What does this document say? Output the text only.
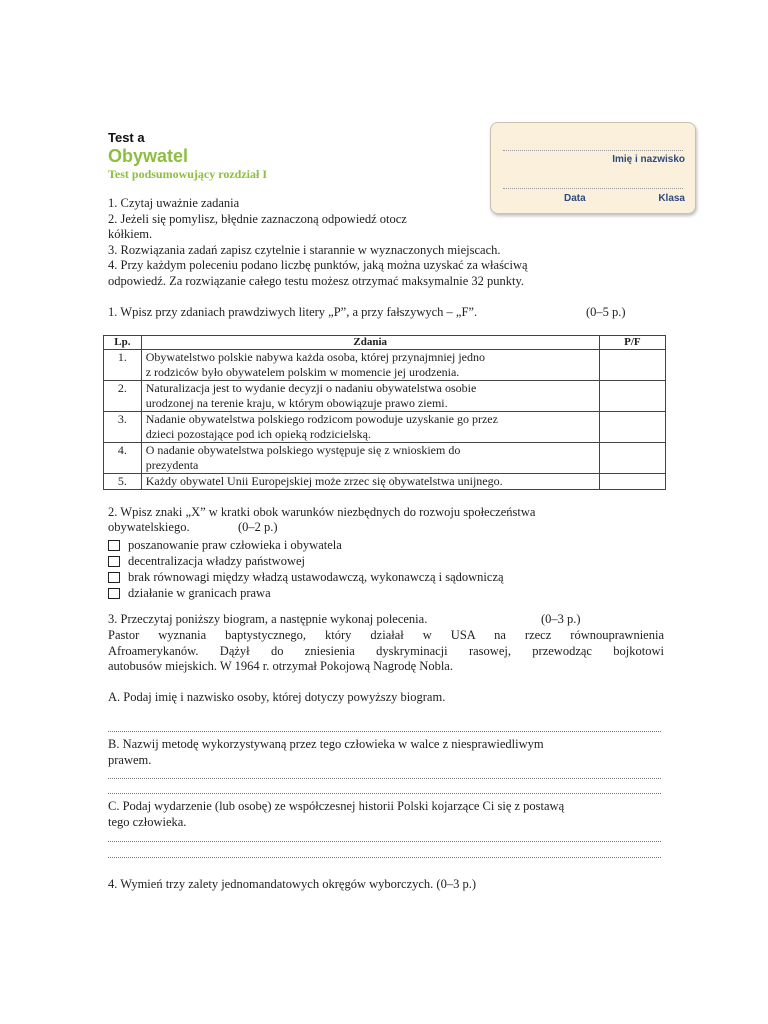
Test a
Obywatel
Test podsumowujący rozdział I
Imię i nazwisko
Data	Klasa
1. Czytaj uważnie zadania
2. Jeżeli się pomylisz, błędnie zaznaczoną odpowiedź otocz
kółkiem.
3. Rozwiązania zadań zapisz czytelnie i starannie w wyznaczonych miejscach.
4. Przy każdym poleceniu podano liczbę punktów, jaką można uzyskać za właściwą
odpowiedź. Za rozwiązanie całego testu możesz otrzymać maksymalnie 32 punkty.
1. Wpisz przy zdaniach prawdziwych litery „P”, a przy fałszywych – „F”.	(0–5 p.)
Lp.	Zdania	P/F
1.	Obywatelstwo polskie nabywa każda osoba, której przynajmniej jedno
z rodziców było obywatelem polskim w momencie jej urodzenia.	

2.	Naturalizacja jest to wydanie decyzji o nadaniu obywatelstwa osobie
urodzonej na terenie kraju, w którym obowiązuje prawo ziemi.	

3.	Nadanie obywatelstwa polskiego rodzicom powoduje uzyskanie go przez
dzieci pozostające pod ich opieką rodzicielską.	

4.	O nadanie obywatelstwa polskiego występuje się z wnioskiem do
prezydenta	

5.	Każdy obywatel Unii Europejskiej może zrzec się obywatelstwa unijnego.	

2. Wpisz znaki „X” w kratki obok warunków niezbędnych do rozwoju społeczeństwa
obywatelskiego.	(0–2 p.)
poszanowanie praw człowieka i obywatela
decentralizacja władzy państwowej
brak równowagi między władzą ustawodawczą, wykonawczą i sądowniczą
działanie w granicach prawa
3. Przeczytaj poniższy biogram, a następnie wykonaj polecenia.	(0–3 p.)
Pastor wyznania baptystycznego, który działał w USA na rzecz równouprawnienia
Afroamerykanów. Dążył do zniesienia dyskryminacji rasowej, przewodząc bojkotowi
autobusów miejskich. W 1964 r. otrzymał Pokojową Nagrodę Nobla.
A. Podaj imię i nazwisko osoby, której dotyczy powyższy biogram.
B. Nazwij metodę wykorzystywaną przez tego człowieka w walce z niesprawiedliwym
prawem.
C. Podaj wydarzenie (lub osobę) ze współczesnej historii Polski kojarzące Ci się z postawą
tego człowieka.
4. Wymień trzy zalety jednomandatowych okręgów wyborczych. (0–3 p.)
